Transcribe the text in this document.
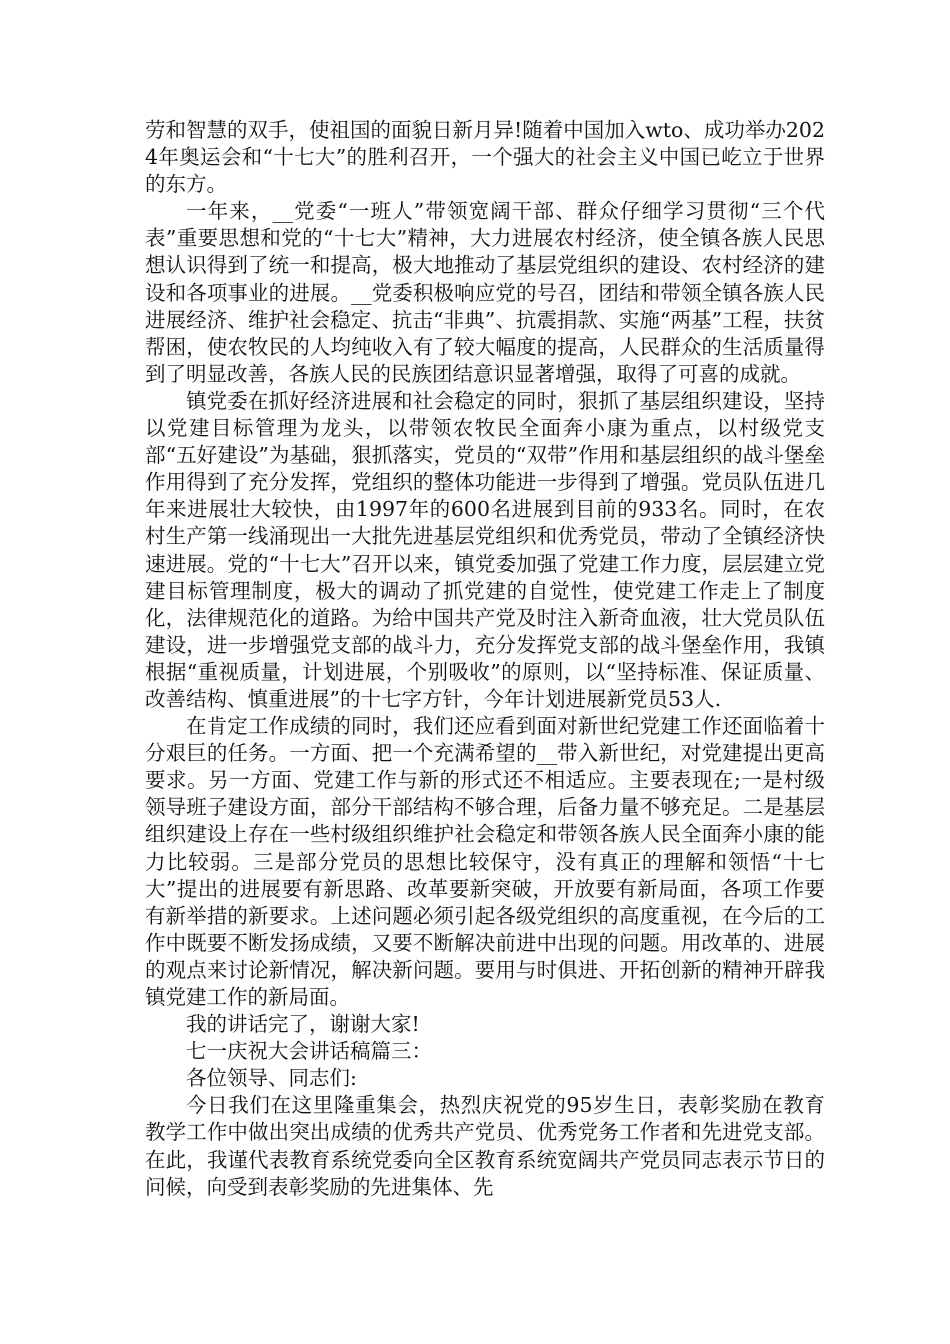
劳和智慧的双手，使祖国的面貌日新月异!随着中国加入wto、成功举办2024年奥运会和“十七大”的胜利召开，一个强大的社会主义中国已屹立于世界的东方。

一年来，__党委“一班人”带领宽阔干部、群众仔细学习贯彻“三个代表”重要思想和党的“十七大”精神，大力进展农村经济，使全镇各族人民思想认识得到了统一和提高，极大地推动了基层党组织的建设、农村经济的建设和各项事业的进展。__党委积极响应党的号召，团结和带领全镇各族人民进展经济、维护社会稳定、抗击“非典”、抗震捐款、实施“两基”工程，扶贫帮困，使农牧民的人均纯收入有了较大幅度的提高，人民群众的生活质量得到了明显改善，各族人民的民族团结意识显著增强，取得了可喜的成就。

镇党委在抓好经济进展和社会稳定的同时，狠抓了基层组织建设，坚持以党建目标管理为龙头，以带领农牧民全面奔小康为重点，以村级党支部“五好建设”为基础，狠抓落实，党员的“双带”作用和基层组织的战斗堡垒作用得到了充分发挥，党组织的整体功能进一步得到了增强。党员队伍进几年来进展壮大较快，由1997年的600名进展到目前的933名。同时，在农村生产第一线涌现出一大批先进基层党组织和优秀党员，带动了全镇经济快速进展。党的“十七大”召开以来，镇党委加强了党建工作力度，层层建立党建目标管理制度，极大的调动了抓党建的自觉性，使党建工作走上了制度化，法律规范化的道路。为给中国共产党及时注入新奇血液，壮大党员队伍建设，进一步增强党支部的战斗力，充分发挥党支部的战斗堡垒作用，我镇根据“重视质量，计划进展，个别吸收”的原则，以“坚持标准、保证质量、改善结构、慎重进展”的十七字方针，今年计划进展新党员53人.

在肯定工作成绩的同时，我们还应看到面对新世纪党建工作还面临着十分艰巨的任务。一方面、把一个充满希望的__带入新世纪，对党建提出更高要求。另一方面、党建工作与新的形式还不相适应。主要表现在;一是村级领导班子建设方面，部分干部结构不够合理，后备力量不够充足。二是基层组织建设上存在一些村级组织维护社会稳定和带领各族人民全面奔小康的能力比较弱。三是部分党员的思想比较保守，没有真正的理解和领悟“十七大”提出的进展要有新思路、改革要新突破，开放要有新局面，各项工作要有新举措的新要求。上述问题必须引起各级党组织的高度重视，在今后的工作中既要不断发扬成绩，又要不断解决前进中出现的问题。用改革的、进展的观点来讨论新情况，解决新问题。要用与时俱进、开拓创新的精神开辟我镇党建工作的新局面。

我的讲话完了，谢谢大家!

七一庆祝大会讲话稿篇三：

各位领导、同志们:

今日我们在这里隆重集会，热烈庆祝党的95岁生日，表彰奖励在教育教学工作中做出突出成绩的优秀共产党员、优秀党务工作者和先进党支部。在此，我谨代表教育系统党委向全区教育系统宽阔共产党员同志表示节日的问候，向受到表彰奖励的先进集体、先
